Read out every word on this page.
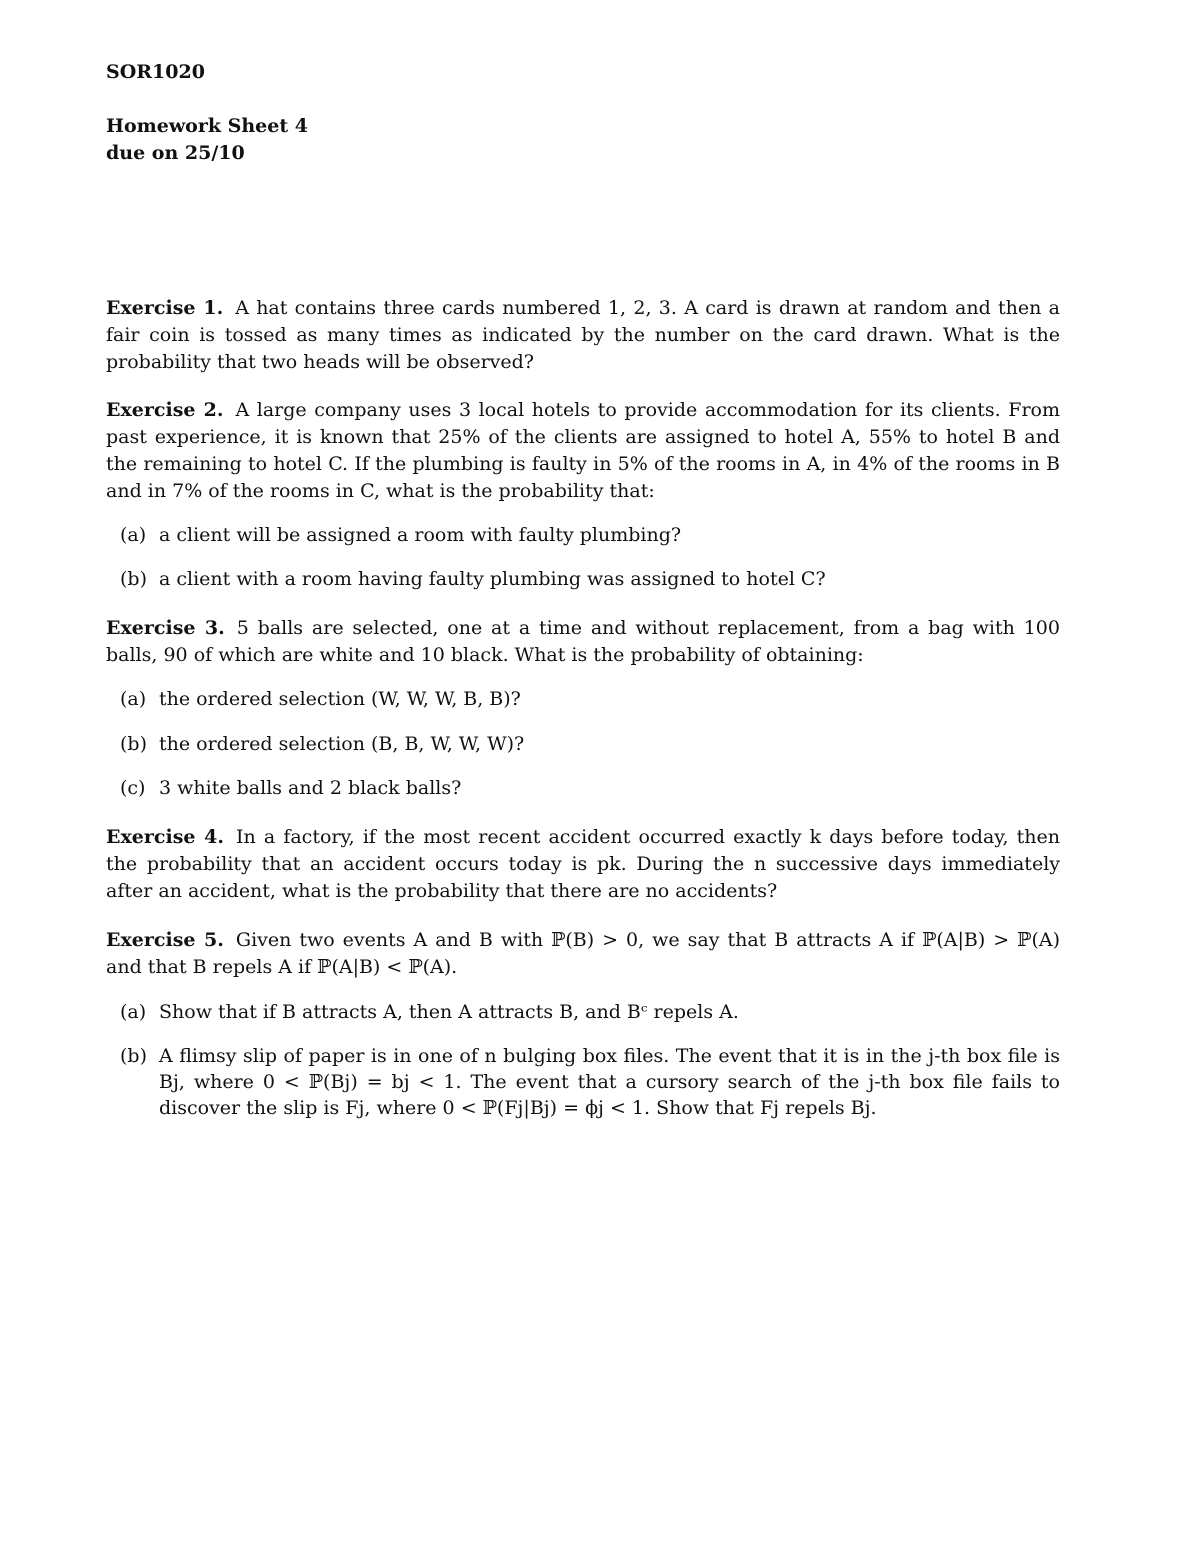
SOR1020
Homework Sheet 4
due on 25/10
Exercise 1. A hat contains three cards numbered 1, 2, 3. A card is drawn at random and then a fair coin is tossed as many times as indicated by the number on the card drawn. What is the probability that two heads will be observed?
Exercise 2. A large company uses 3 local hotels to provide accommodation for its clients. From past experience, it is known that 25% of the clients are assigned to hotel A, 55% to hotel B and the remaining to hotel C. If the plumbing is faulty in 5% of the rooms in A, in 4% of the rooms in B and in 7% of the rooms in C, what is the probability that:
(a) a client will be assigned a room with faulty plumbing?
(b) a client with a room having faulty plumbing was assigned to hotel C?
Exercise 3. 5 balls are selected, one at a time and without replacement, from a bag with 100 balls, 90 of which are white and 10 black. What is the probability of obtaining:
(a) the ordered selection (W, W, W, B, B)?
(b) the ordered selection (B, B, W, W, W)?
(c) 3 white balls and 2 black balls?
Exercise 4. In a factory, if the most recent accident occurred exactly k days before today, then the probability that an accident occurs today is pk. During the n successive days immediately after an accident, what is the probability that there are no accidents?
Exercise 5. Given two events A and B with ℙ(B) > 0, we say that B attracts A if ℙ(A|B) > ℙ(A) and that B repels A if ℙ(A|B) < ℙ(A).
(a) Show that if B attracts A, then A attracts B, and Bᶜ repels A.
(b) A flimsy slip of paper is in one of n bulging box files. The event that it is in the j-th box file is Bj, where 0 < ℙ(Bj) = bj < 1. The event that a cursory search of the j-th box file fails to discover the slip is Fj, where 0 < ℙ(Fj|Bj) = ϕj < 1. Show that Fj repels Bj.
